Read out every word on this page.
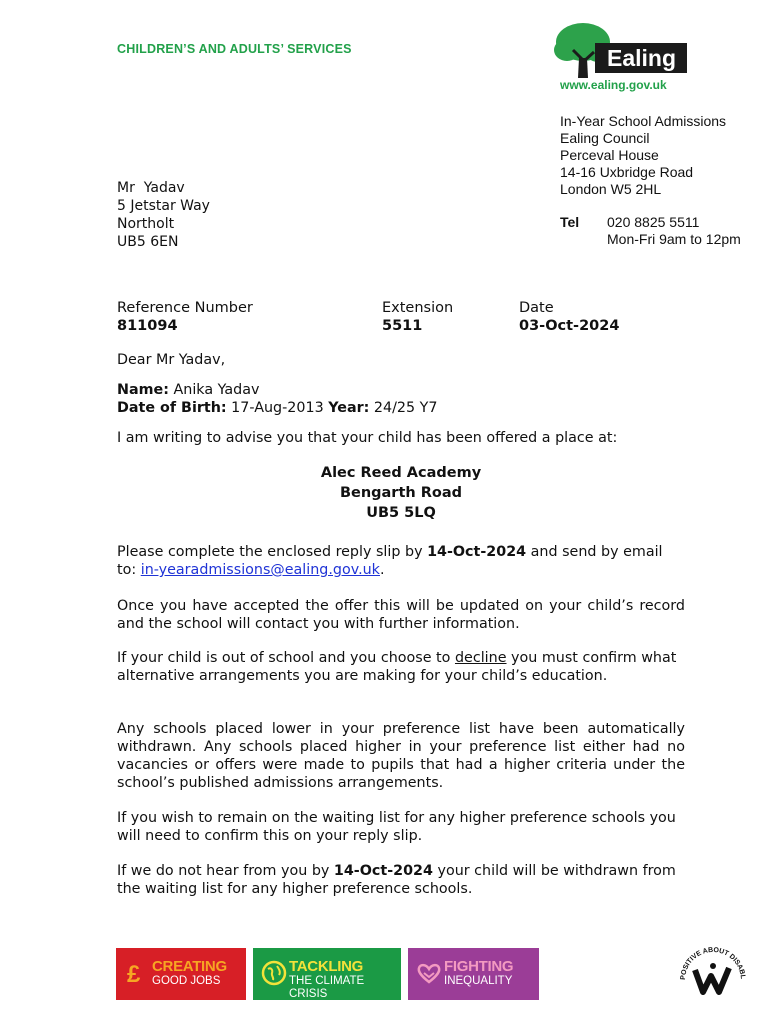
CHILDREN’S AND ADULTS’ SERVICES	Ealing
www.ealing.gov.uk
In-Year School Admissions
Ealing Council
Perceval House
14-16 Uxbridge Road
London W5 2HL
Tel 020 8825 5511
Mon-Fri 9am to 12pm
Mr  Yadav
5 Jetstar Way
Northolt
UB5 6EN
Reference Number
811094
Extension
5511
Date
03-Oct-2024
Dear Mr Yadav,
Name: Anika Yadav
Date of Birth: 17-Aug-2013 Year: 24/25 Y7
I am writing to advise you that your child has been offered a place at:
Alec Reed Academy
Bengarth Road
UB5 5LQ
Please complete the enclosed reply slip by 14-Oct-2024 and send by email to: in-yearadmissions@ealing.gov.uk.
Once you have accepted the offer this will be updated on your child’s record and the school will contact you with further information.
If your child is out of school and you choose to decline you must confirm what alternative arrangements you are making for your child’s education.
Any schools placed lower in your preference list have been automatically withdrawn. Any schools placed higher in your preference list either had no vacancies or offers were made to pupils that had a higher criteria under the school’s published admissions arrangements.
If you wish to remain on the waiting list for any higher preference schools you will need to confirm this on your reply slip.
If we do not hear from you by 14-Oct-2024 your child will be withdrawn from the waiting list for any higher preference schools.
£ CREATING
GOOD JOBS
TACKLING
THE CLIMATE CRISIS
FIGHTING
INEQUALITY	POSITIVE ABOUT DISABL
